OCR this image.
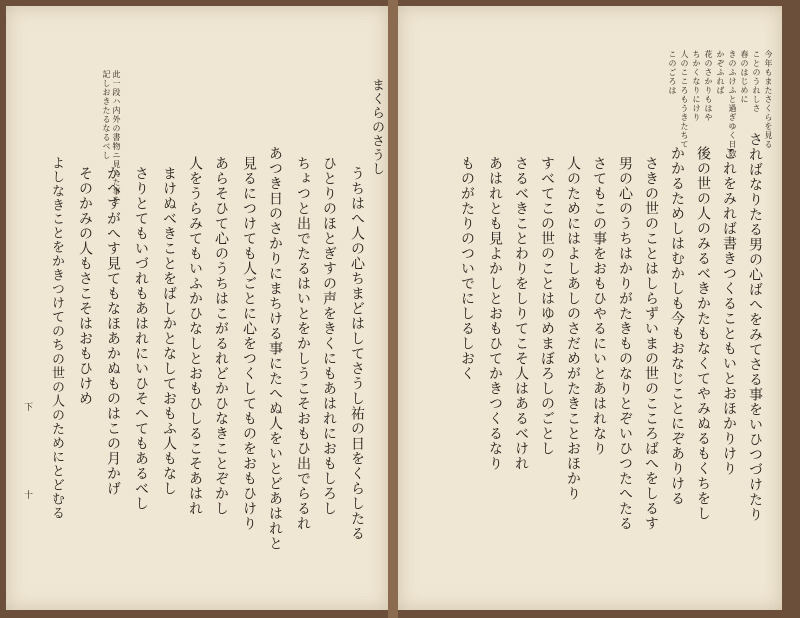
此一段ハ内外の書物ニ見えた事を
記しおきたるなるべし	まくらのさうし
うちはへ人の心ちまどはしてさうし祐の日をくらしたる
ひとりのほとぎすの声をきくにもあはれにおもしろし
ちょつと出でたるはいとをかしうこそおもひ出でらるれ
あつき日のさかりにまちける事にたへぬ人をいとどあはれと
見るにつけても人ごとに心をつくしてものをおもひけり
あらそひて心のうちはこがるれどかひなきことぞかし
人をうらみてもいふかひなしとおもひしるこそあはれ
まけぬべきことをばしかとなしておもふ人もなし
さりとてもいづれもあはれにいひそへてもあるべし
かへすがへす見てもなほあかぬものはこの月かげ
そのかみの人もさこそはおもひけめ
よしなきことをかきつけてのちの世の人のためにとどむる
下
十
今年もまたさくらを見る
ことのうれしさ
春のはじめに
きのふけふと過ぎゆく日数
かぞふれば
花のさかりもはや
ちかくなりにけり
人のこころもうきたちて
このごろは
さればなりたる男の心ばへをみてさる事をいひつづけたり
これをみれば書きつくることもいとおほかりけり
後の世の人のみるべきかたもなくてやみぬるもくちをし
かかるためしはむかしも今もおなじことにぞありける
さきの世のことはしらずいまの世のこころばへをしるす
男の心のうちはかりがたきものなりとぞいひつたへたる
さてもこの事をおもひやるにいとあはれなり
人のためにはよしあしのさだめがたきことおほかり
すべてこの世のことはゆめまぼろしのごとし
さるべきことわりをしりてこそ人はあるべけれ
あはれとも見よかしとおもひてかきつくるなり
ものがたりのついでにしるしおく
